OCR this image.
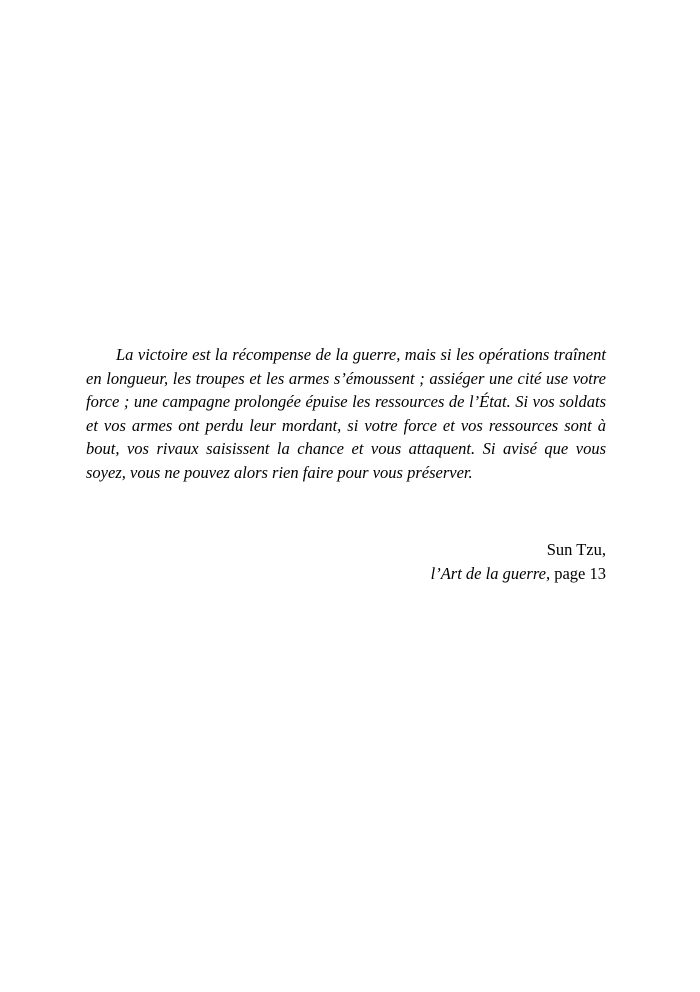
La victoire est la récompense de la guerre, mais si les opérations traînent en longueur, les troupes et les armes s’émoussent ; assiéger une cité use votre force ; une campagne prolongée épuise les ressources de l’État. Si vos soldats et vos armes ont perdu leur mordant, si votre force et vos ressources sont à bout, vos rivaux saisissent la chance et vous attaquent. Si avisé que vous soyez, vous ne pouvez alors rien faire pour vous préserver.

Sun Tzu,
l’Art de la guerre, page 13
